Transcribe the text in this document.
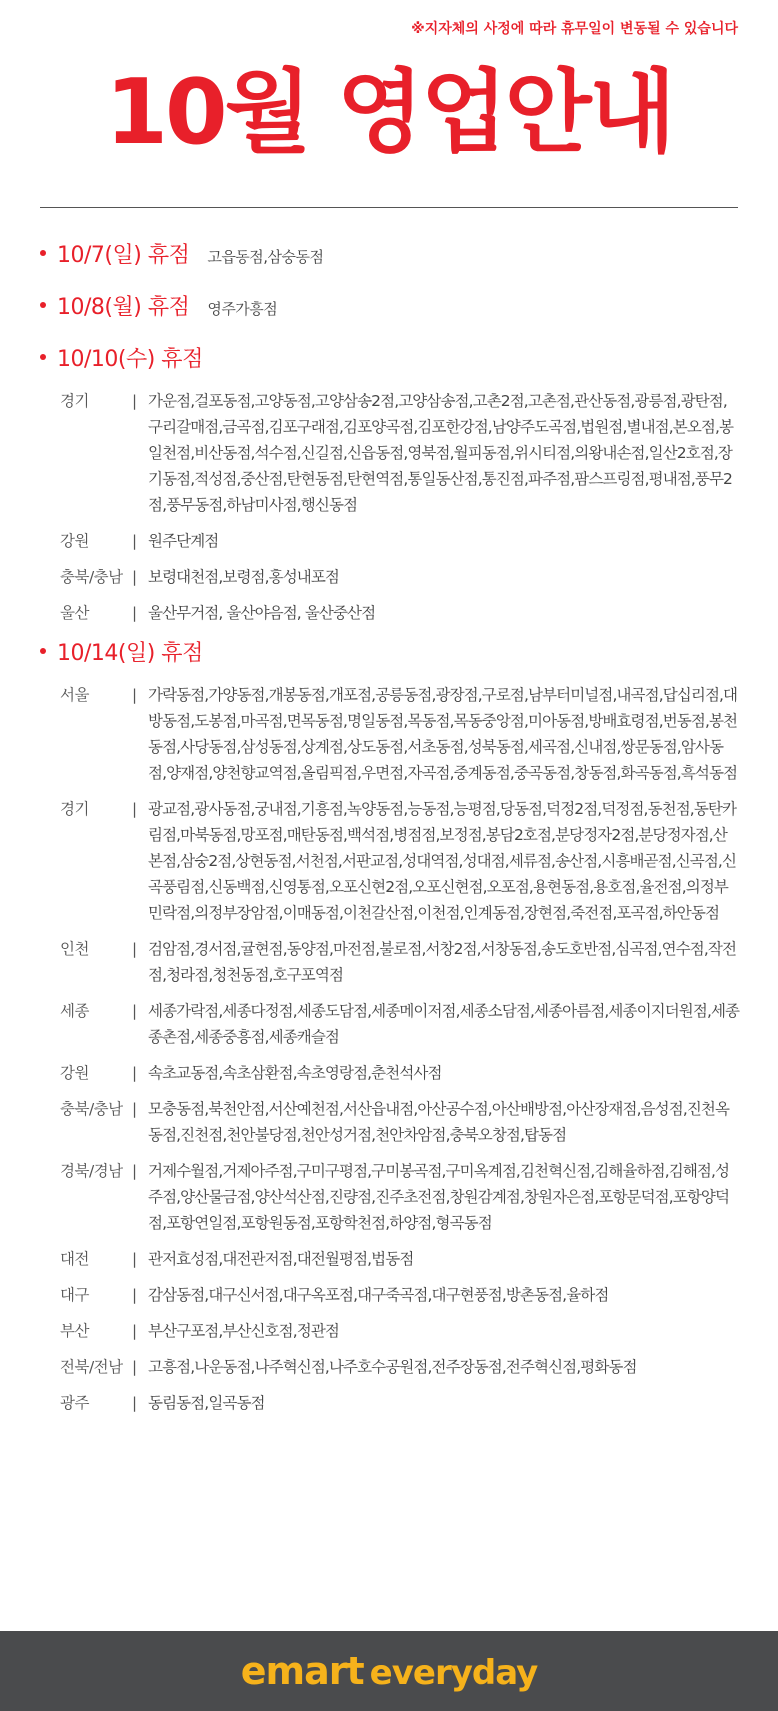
※지자체의 사정에 따라 휴무일이 변동될 수 있습니다
10월 영업안내
10/7(일) 휴점 고읍동점,삼숭동점
10/8(월) 휴점 영주가흥점
10/10(수) 휴점
경기	| 가운점,걸포동점,고양동점,고양삼송2점,고양삼송점,고촌2점,고촌점,관산동점,광릉점,광탄점,구리갈매점,금곡점,김포구래점,김포양곡점,김포한강점,남양주도곡점,법원점,별내점,본오점,봉일천점,비산동점,석수점,신길점,신읍동점,영북점,월피동점,위시티점,의왕내손점,일산2호점,장기동점,적성점,중산점,탄현동점,탄현역점,통일동산점,통진점,파주점,팜스프링점,평내점,풍무2점,풍무동점,하남미사점,행신동점
강원	| 원주단계점
충북/충남 | 보령대천점,보령점,홍성내포점
울산	| 울산무거점, 울산야음점, 울산중산점
10/14(일) 휴점
서울	| 가락동점,가양동점,개봉동점,개포점,공릉동점,광장점,구로점,남부터미널점,내곡점,답십리점,대방동점,도봉점,마곡점,면목동점,명일동점,목동점,목동중앙점,미아동점,방배효령점,번동점,봉천동점,사당동점,삼성동점,상계점,상도동점,서초동점,성북동점,세곡점,신내점,쌍문동점,암사동점,양재점,양천향교역점,올림픽점,우면점,자곡점,중계동점,중곡동점,창동점,화곡동점,흑석동점
경기	| 광교점,광사동점,궁내점,기흥점,녹양동점,능동점,능평점,당동점,덕정2점,덕정점,동천점,동탄카림점,마북동점,망포점,매탄동점,백석점,병점점,보정점,봉담2호점,분당정자2점,분당정자점,산본점,삼숭2점,상현동점,서천점,서판교점,성대역점,성대점,세류점,송산점,시흥배곧점,신곡점,신곡풍림점,신동백점,신영통점,오포신현2점,오포신현점,오포점,용현동점,용호점,율전점,의정부민락점,의정부장암점,이매동점,이천갈산점,이천점,인계동점,장현점,죽전점,포곡점,하안동점
인천	| 검암점,경서점,귤현점,동양점,마전점,불로점,서창2점,서창동점,송도호반점,심곡점,연수점,작전점,청라점,청천동점,호구포역점
세종	| 세종가락점,세종다정점,세종도담점,세종메이저점,세종소담점,세종아름점,세종이지더원점,세종종촌점,세종중흥점,세종캐슬점
강원	| 속초교동점,속초삼환점,속초영랑점,춘천석사점
충북/충남 | 모충동점,북천안점,서산예천점,서산읍내점,아산공수점,아산배방점,아산장재점,음성점,진천옥동점,진천점,천안불당점,천안성거점,천안차암점,충북오창점,탑동점
경북/경남 | 거제수월점,거제아주점,구미구평점,구미봉곡점,구미옥계점,김천혁신점,김해율하점,김해점,성주점,양산물금점,양산석산점,진량점,진주초전점,창원감계점,창원자은점,포항문덕점,포항양덕점,포항연일점,포항원동점,포항학천점,하양점,형곡동점
대전	| 관저효성점,대전관저점,대전월평점,법동점
대구	| 감삼동점,대구신서점,대구옥포점,대구죽곡점,대구현풍점,방촌동점,율하점
부산	| 부산구포점,부산신호점,정관점
전북/전남 | 고흥점,나운동점,나주혁신점,나주호수공원점,전주장동점,전주혁신점,평화동점
광주	| 동림동점,일곡동점
emart everyday
